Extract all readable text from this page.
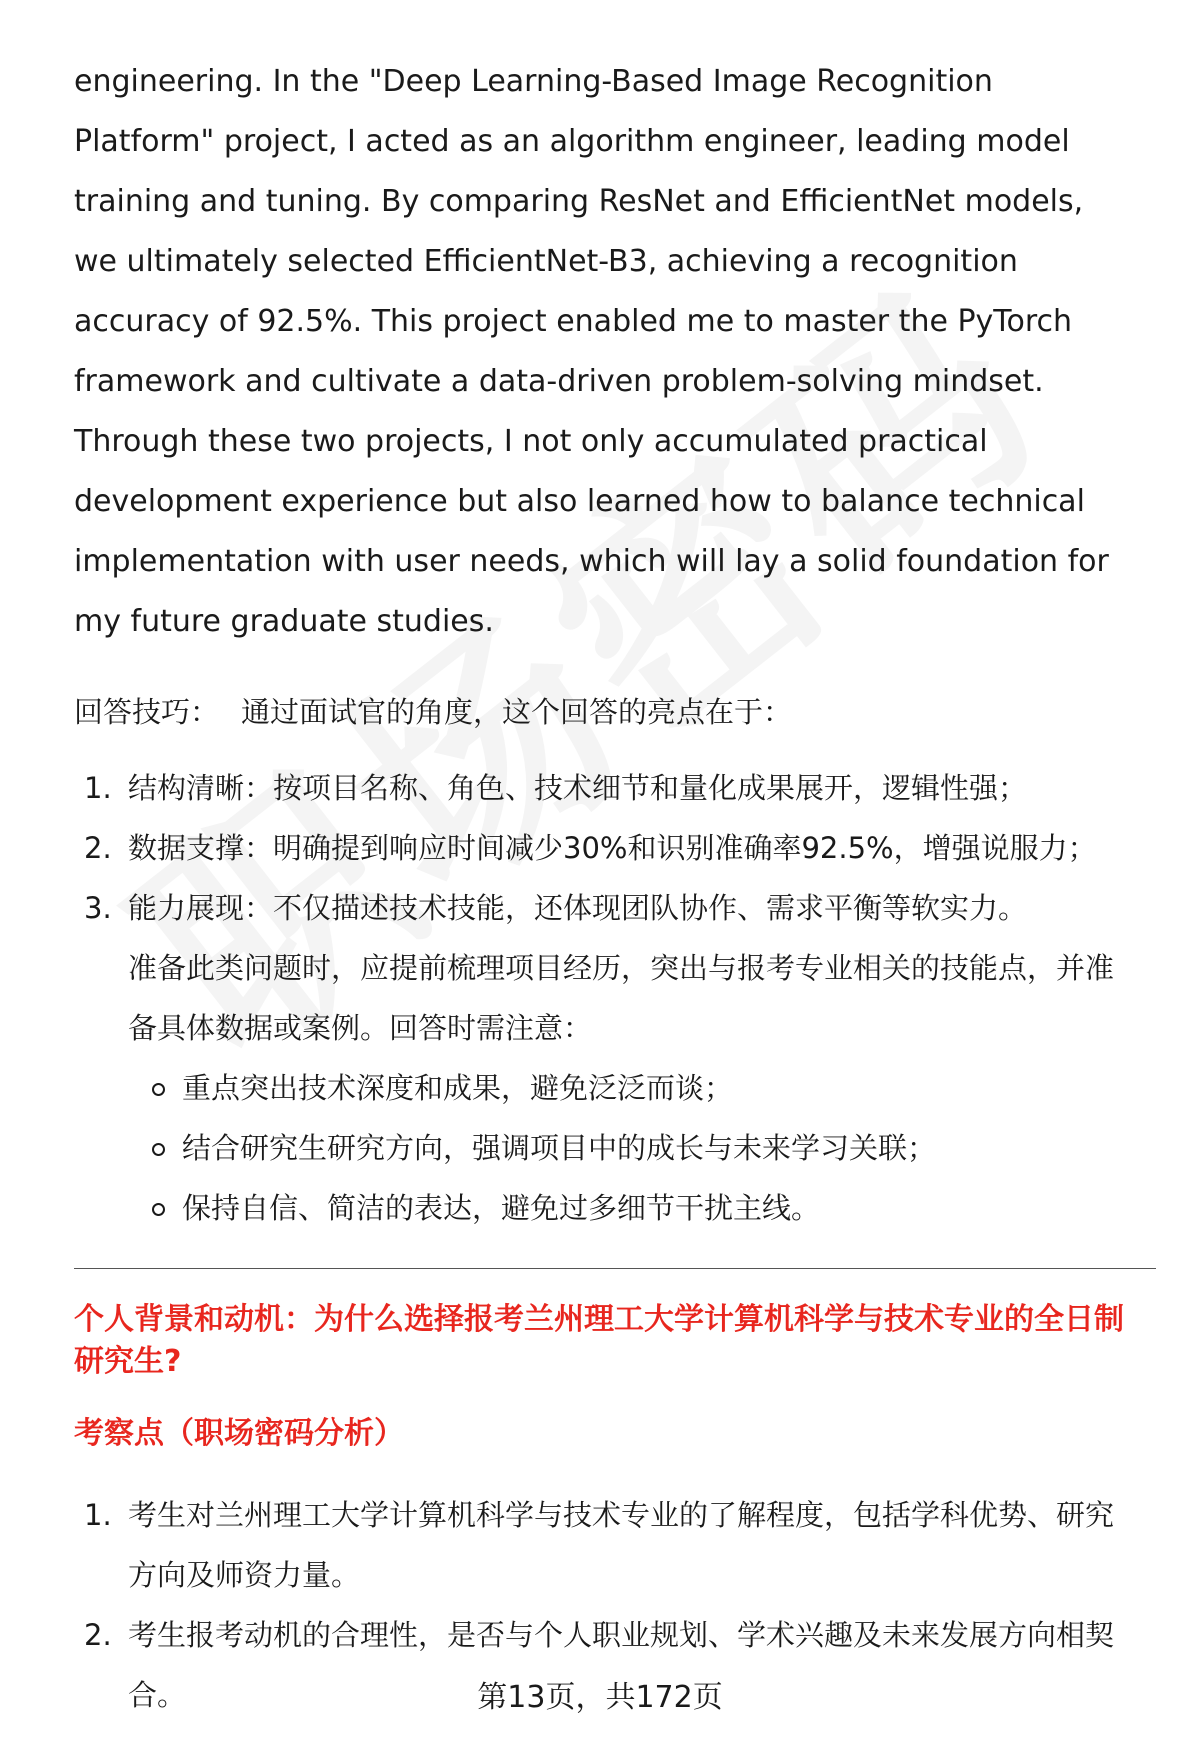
engineering. In the "Deep Learning-Based Image Recognition Platform" project, I acted as an algorithm engineer, leading model training and tuning. By comparing ResNet and EfficientNet models, we ultimately selected EfficientNet-B3, achieving a recognition accuracy of 92.5%. This project enabled me to master the PyTorch framework and cultivate a data-driven problem-solving mindset. Through these two projects, I not only accumulated practical development experience but also learned how to balance technical implementation with user needs, which will lay a solid foundation for my future graduate studies.

回答技巧： 通过面试官的角度，这个回答的亮点在于：
1. 结构清晰：按项目名称、角色、技术细节和量化成果展开，逻辑性强；
2. 数据支撑：明确提到响应时间减少30%和识别准确率92.5%，增强说服力；
3. 能力展现：不仅描述技术技能，还体现团队协作、需求平衡等软实力。
准备此类问题时，应提前梳理项目经历，突出与报考专业相关的技能点，并准备具体数据或案例。回答时需注意：
重点突出技术深度和成果，避免泛泛而谈；
结合研究生研究方向，强调项目中的成长与未来学习关联；
保持自信、简洁的表达，避免过多细节干扰主线。
个人背景和动机：为什么选择报考兰州理工大学计算机科学与技术专业的全日制研究生?
考察点（职场密码分析）
1. 考生对兰州理工大学计算机科学与技术专业的了解程度，包括学科优势、研究方向及师资力量。
2. 考生报考动机的合理性，是否与个人职业规划、学术兴趣及未来发展方向相契合。	第13页，共172页
